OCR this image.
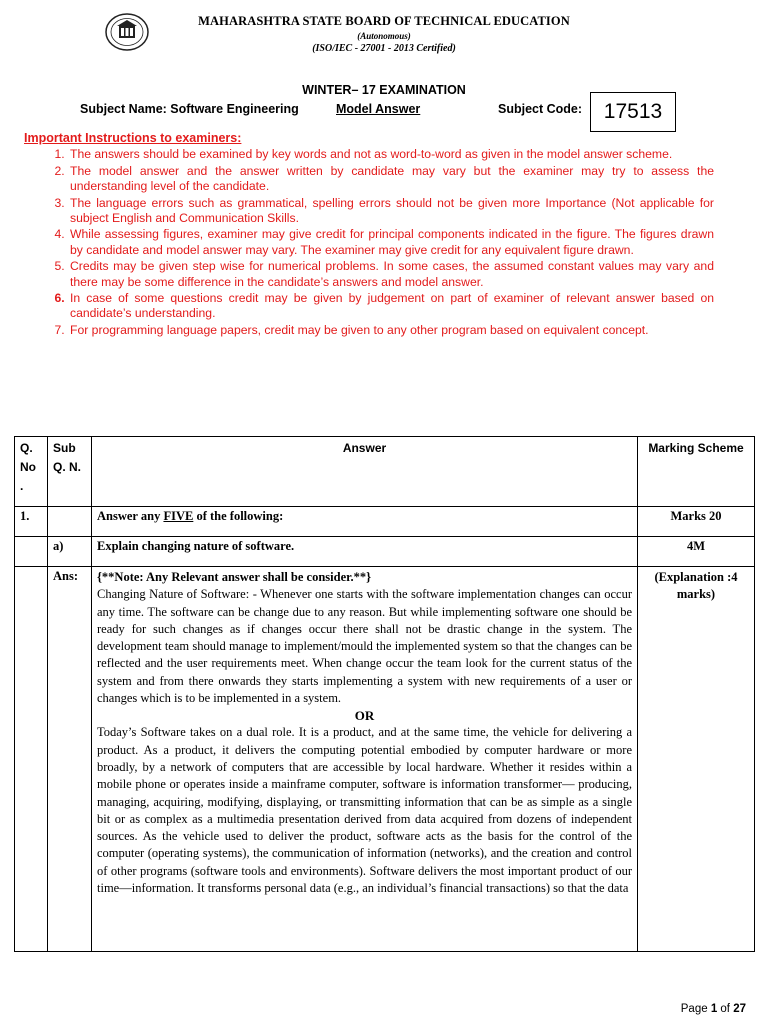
MAHARASHTRA STATE BOARD OF TECHNICAL EDUCATION
(Autonomous)
(ISO/IEC - 27001 - 2013 Certified)
WINTER– 17 EXAMINATION
Subject Name: Software Engineering	Model Answer	Subject Code:	17513
Important Instructions to examiners:
1. The answers should be examined by key words and not as word-to-word as given in the model answer scheme.
2. The model answer and the answer written by candidate may vary but the examiner may try to assess the understanding level of the candidate.
3. The language errors such as grammatical, spelling errors should not be given more Importance (Not applicable for subject English and Communication Skills.
4. While assessing figures, examiner may give credit for principal components indicated in the figure. The figures drawn by candidate and model answer may vary. The examiner may give credit for any equivalent figure drawn.
5. Credits may be given step wise for numerical problems. In some cases, the assumed constant values may vary and there may be some difference in the candidate’s answers and model answer.
6. In case of some questions credit may be given by judgement on part of examiner of relevant answer based on candidate’s understanding.
7. For programming language papers, credit may be given to any other program based on equivalent concept.
Q. No .	Sub Q. N.	Answer	Marking Scheme
1.		Answer any FIVE of the following:	Marks 20
	a)	Explain changing nature of software.	4M
	Ans:	{**Note: Any Relevant answer shall be consider.**}
Changing Nature of Software: - Whenever one starts with the software implementation changes can occur any time. The software can be change due to any reason. But while implementing software one should be ready for such changes as if changes occur there shall not be drastic change in the system. The development team should manage to implement/mould the implemented system so that the changes can be reflected and the user requirements meet. When change occur the team look for the current status of the system and from there onwards they starts implementing a system with new requirements of a user or changes which is to be implemented in a system.
OR
Today’s Software takes on a dual role. It is a product, and at the same time, the vehicle for delivering a product. As a product, it delivers the computing potential embodied by computer hardware or more broadly, by a network of computers that are accessible by local hardware. Whether it resides within a mobile phone or operates inside a mainframe computer, software is information transformer— producing, managing, acquiring, modifying, displaying, or transmitting information that can be as simple as a single bit or as complex as a multimedia presentation derived from data acquired from dozens of independent sources. As the vehicle used to deliver the product, software acts as the basis for the control of the computer (operating systems), the communication of information (networks), and the creation and control of other programs (software tools and environments). Software delivers the most important product of our time—information. It transforms personal data (e.g., an individual’s financial transactions) so that the data	(Explanation :4 marks)
Page 1 of 27
